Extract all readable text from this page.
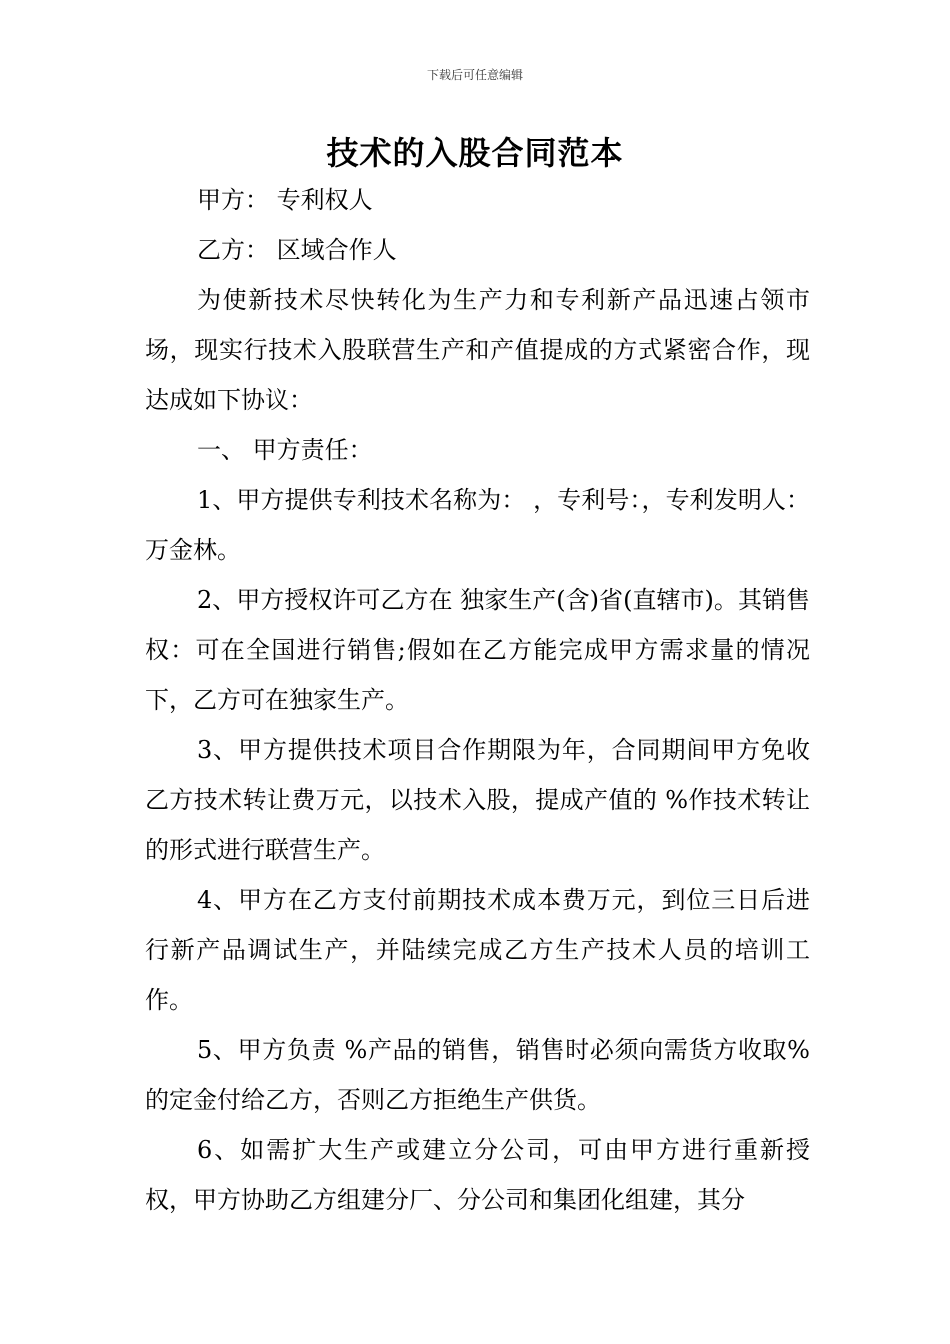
下载后可任意编辑
技术的入股合同范本

甲方： 专利权人

乙方： 区域合作人

为使新技术尽快转化为生产力和专利新产品迅速占领市场，现实行技术入股联营生产和产值提成的方式紧密合作，现达成如下协议：

一、 甲方责任：

1、甲方提供专利技术名称为： ，专利号：，专利发明人：万金林。

2、甲方授权许可乙方在 独家生产(含)省(直辖市)。其销售权：可在全国进行销售;假如在乙方能完成甲方需求量的情况下，乙方可在独家生产。

3、甲方提供技术项目合作期限为年，合同期间甲方免收乙方技术转让费万元，以技术入股，提成产值的 %作技术转让的形式进行联营生产。

4、甲方在乙方支付前期技术成本费万元，到位三日后进行新产品调试生产，并陆续完成乙方生产技术人员的培训工作。

5、甲方负责 %产品的销售，销售时必须向需货方收取%的定金付给乙方，否则乙方拒绝生产供货。

6、如需扩大生产或建立分公司，可由甲方进行重新授权，甲方协助乙方组建分厂、分公司和集团化组建，其分
